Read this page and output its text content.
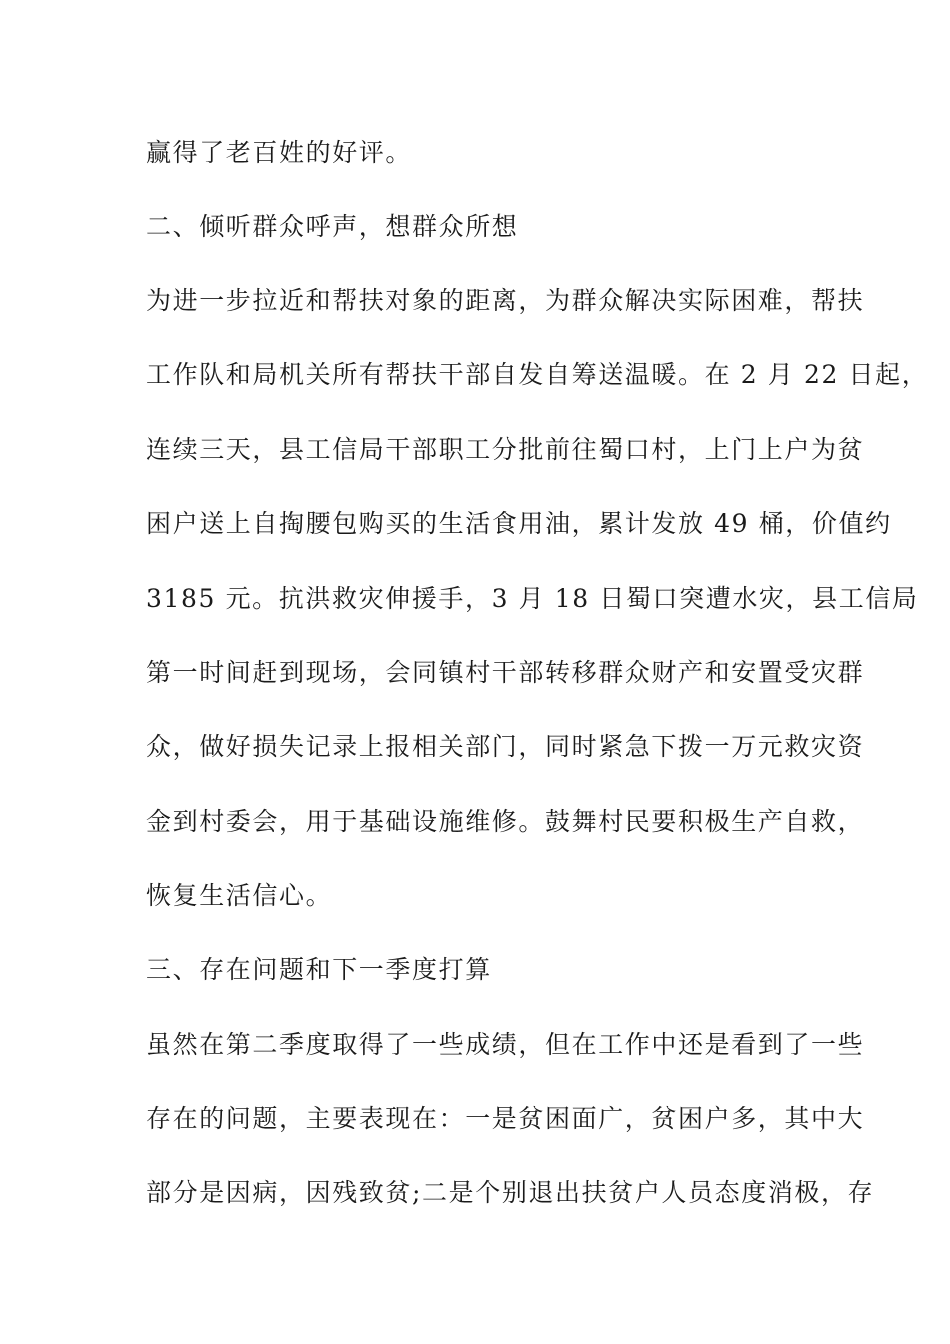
赢得了老百姓的好评。
二、倾听群众呼声，想群众所想
为进一步拉近和帮扶对象的距离，为群众解决实际困难，帮扶
工作队和局机关所有帮扶干部自发自筹送温暖。在 2 月 22 日起，
连续三天，县工信局干部职工分批前往蜀口村，上门上户为贫
困户送上自掏腰包购买的生活食用油，累计发放 49 桶，价值约
3185 元。抗洪救灾伸援手，3 月 18 日蜀口突遭水灾，县工信局
第一时间赶到现场，会同镇村干部转移群众财产和安置受灾群
众，做好损失记录上报相关部门，同时紧急下拨一万元救灾资
金到村委会，用于基础设施维修。鼓舞村民要积极生产自救，
恢复生活信心。
三、存在问题和下一季度打算
虽然在第二季度取得了一些成绩，但在工作中还是看到了一些
存在的问题，主要表现在：一是贫困面广，贫困户多，其中大
部分是因病，因残致贫;二是个别退出扶贫户人员态度消极，存
